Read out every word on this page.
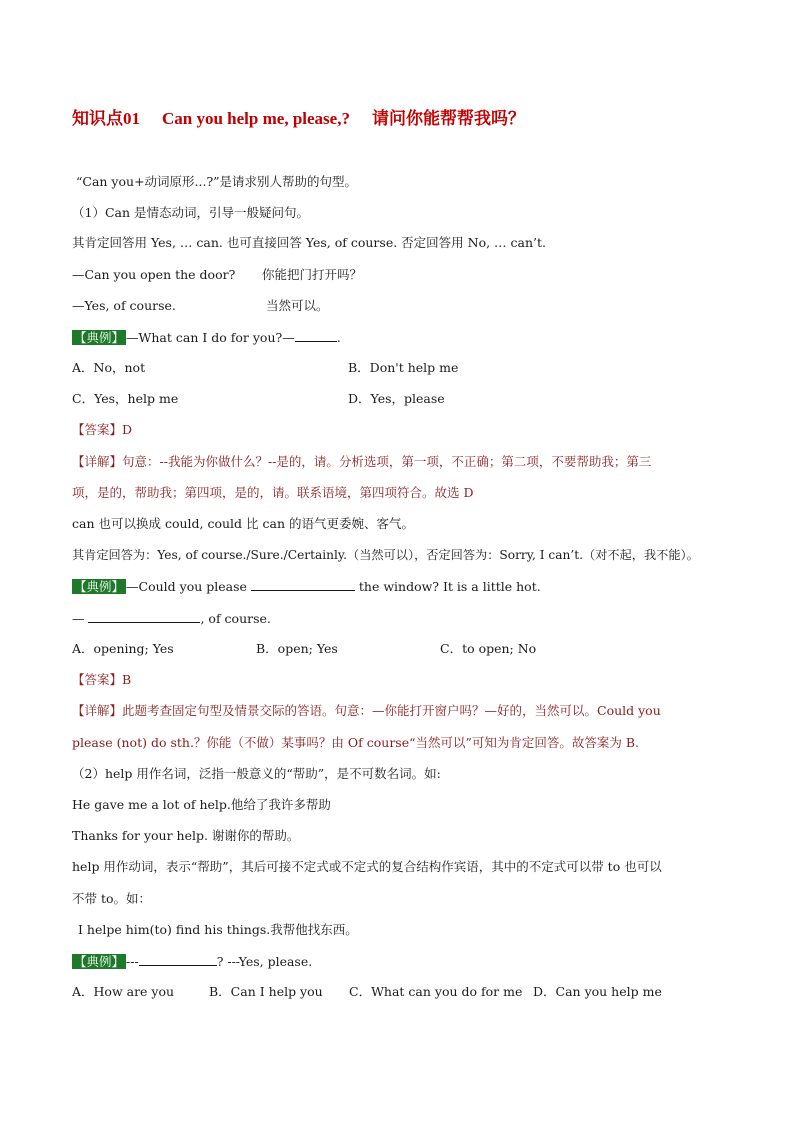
知识点01 Can you help me, please,? 请问你能帮帮我吗？
“Can you+动词原形...?”是请求别人帮助的句型。
（1）Can 是情态动词，引导一般疑问句。
其肯定回答用 Yes, … can. 也可直接回答 Yes, of course. 否定回答用 No, … can’t.
—Can you open the door? 你能把门打开吗？
—Yes, of course.	当然可以。
【典例】 —What can I do for you?—	.
A．No，not	B．Don't help me
C．Yes，help me	D．Yes，please
【答案】D
【详解】句意：--我能为你做什么？--是的，请。分析选项，第一项，不正确；第二项，不要帮助我；第三
项，是的，帮助我；第四项，是的，请。联系语境，第四项符合。故选 D
can 也可以换成 could, could 比 can 的语气更委婉、客气。
其肯定回答为：Yes, of course./Sure./Certainly.（当然可以），否定回答为：Sorry, I can’t.（对不起，我不能）。
【典例】 —Could you please	the window? It is a little hot.
—	, of course.
A．opening; Yes	B．open; Yes	C．to open; No
【答案】B
【详解】此题考查固定句型及情景交际的答语。句意：—你能打开窗户吗？—好的，当然可以。Could you
please (not) do sth.？你能（不做）某事吗？由 Of course“当然可以”可知为肯定回答。故答案为 B.
（2）help 用作名词，泛指一般意义的“帮助”，是不可数名词。如:
He gave me a lot of help.他给了我许多帮助
Thanks for your help. 谢谢你的帮助。
help 用作动词，表示“帮助”，其后可接不定式或不定式的复合结构作宾语，其中的不定式可以带 to 也可以
不带 to。如：
I helpe him(to) find his things.我帮他找东西。
【典例】 ---	? ---Yes, please.
A．How are you	B．Can I help you C．What can you do for me D．Can you help me
